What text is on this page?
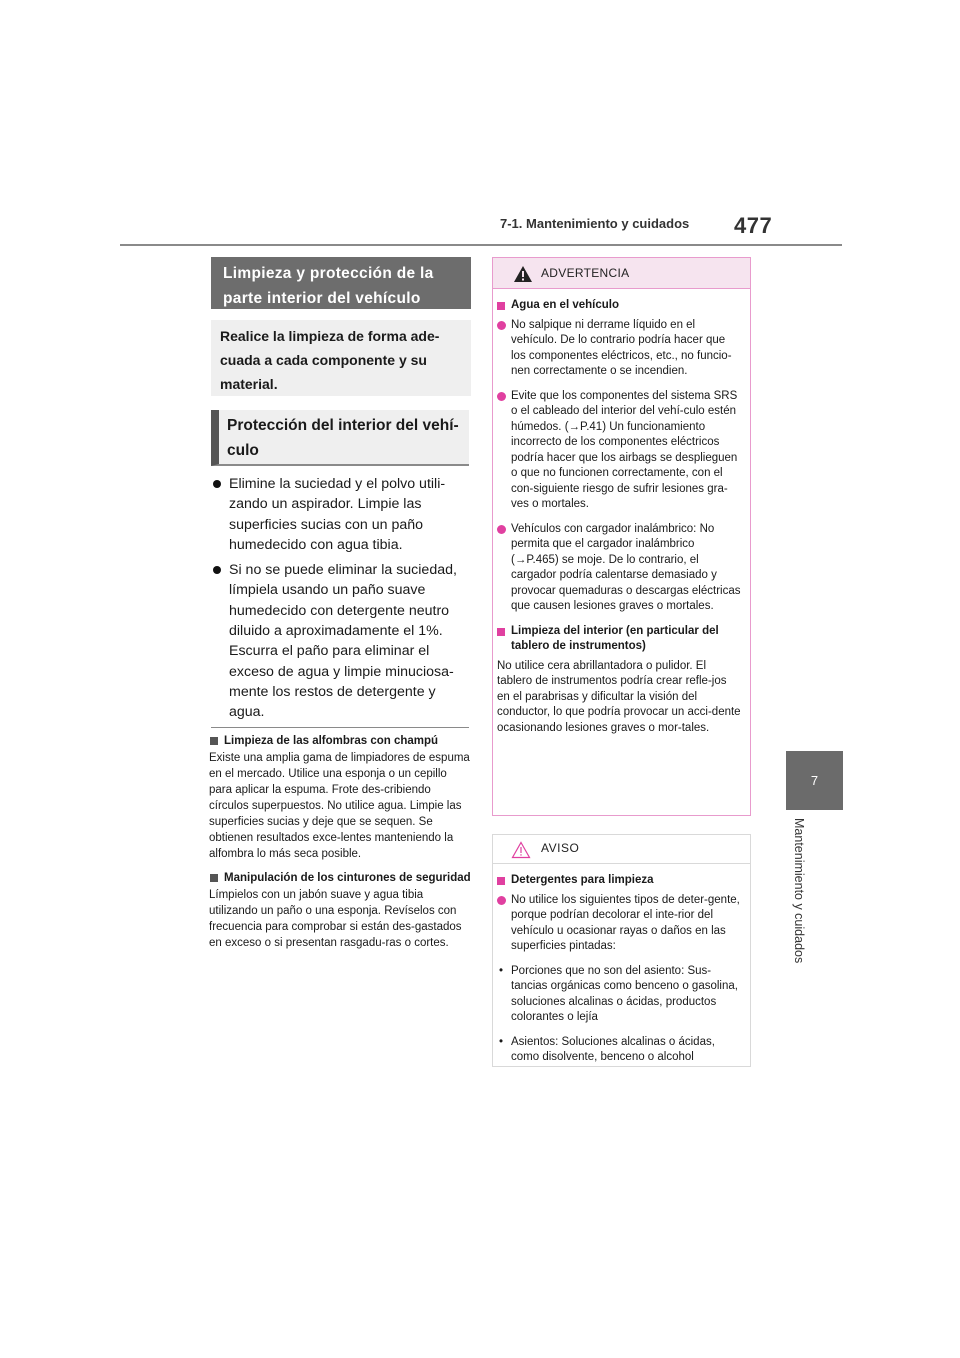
7-1. Mantenimiento y cuidados 477
7
Mantenimiento y cuidados
Limpieza y protección de la parte interior del vehículo
Realice la limpieza de forma ade-cuada a cada componente y su material.
Protección del interior del vehí-culo
Elimine la suciedad y el polvo utili-zando un aspirador. Limpie las superficies sucias con un paño humedecido con agua tibia.
Si no se puede eliminar la suciedad, límpiela usando un paño suave humedecido con detergente neutro diluido a aproximadamente el 1%. Escurra el paño para eliminar el exceso de agua y limpie minuciosa-mente los restos de detergente y agua.
Limpieza de las alfombras con champú
Existe una amplia gama de limpiadores de espuma en el mercado. Utilice una esponja o un cepillo para aplicar la espuma. Frote des-cribiendo círculos superpuestos. No utilice agua. Limpie las superficies sucias y deje que se sequen. Se obtienen resultados exce-lentes manteniendo la alfombra lo más seca posible.
Manipulación de los cinturones de seguridad
Límpielos con un jabón suave y agua tibia utilizando un paño o una esponja. Revíselos con frecuencia para comprobar si están des-gastados en exceso o si presentan rasgadu-ras o cortes.
ADVERTENCIA
Agua en el vehículo
No salpique ni derrame líquido en el vehículo. De lo contrario podría hacer que los componentes eléctricos, etc., no funcio-nen correctamente o se incendien.
Evite que los componentes del sistema SRS o el cableado del interior del vehí-culo estén húmedos. (→P.41) Un funcionamiento incorrecto de los componentes eléctricos podría hacer que los airbags se desplieguen o que no funcionen correctamente, con el con-siguiente riesgo de sufrir lesiones gra-ves o mortales.
Vehículos con cargador inalámbrico: No permita que el cargador inalámbrico (→P.465) se moje. De lo contrario, el cargador podría calentarse demasiado y provocar quemaduras o descargas eléctricas que causen lesiones graves o mortales.
Limpieza del interior (en particular del tablero de instrumentos)
No utilice cera abrillantadora o pulidor. El tablero de instrumentos podría crear refle-jos en el parabrisas y dificultar la visión del conductor, lo que podría provocar un acci-dente ocasionando lesiones graves o mor-tales.
AVISO
Detergentes para limpieza
No utilice los siguientes tipos de deter-gente, porque podrían decolorar el inte-rior del vehículo u ocasionar rayas o daños en las superficies pintadas:
• Porciones que no son del asiento: Sus-tancias orgánicas como benceno o gasolina, soluciones alcalinas o ácidas, productos colorantes o lejía
• Asientos: Soluciones alcalinas o ácidas, como disolvente, benceno o alcohol
